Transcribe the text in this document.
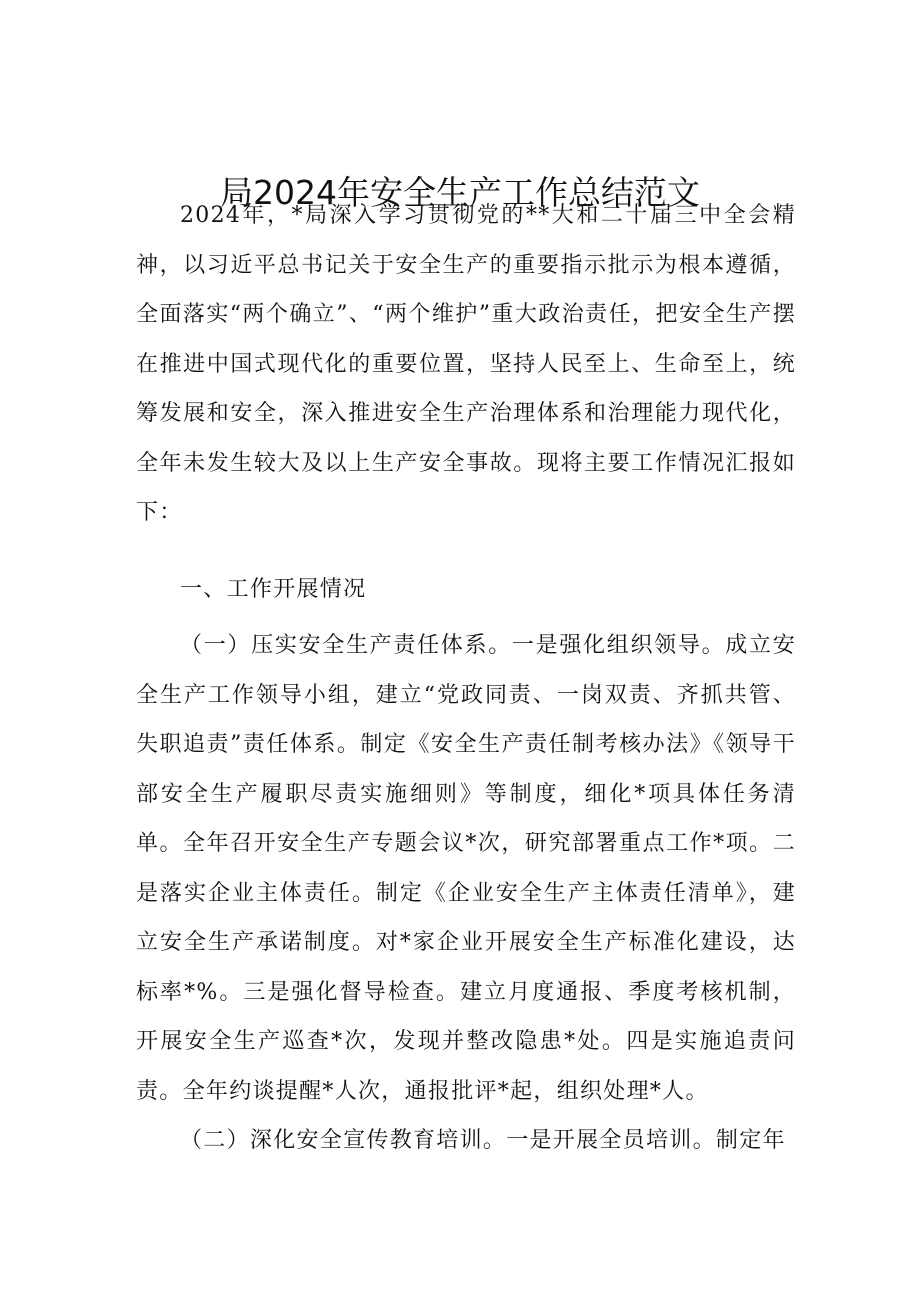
局2024年安全生产工作总结范文

2024年，*局深入学习贯彻党的**大和二十届三中全会精神，以习近平总书记关于安全生产的重要指示批示为根本遵循，全面落实“两个确立”、“两个维护”重大政治责任，把安全生产摆在推进中国式现代化的重要位置，坚持人民至上、生命至上，统筹发展和安全，深入推进安全生产治理体系和治理能力现代化，全年未发生较大及以上生产安全事故。现将主要工作情况汇报如下：

一、工作开展情况

（一）压实安全生产责任体系。一是强化组织领导。成立安全生产工作领导小组，建立“党政同责、一岗双责、齐抓共管、失职追责”责任体系。制定《安全生产责任制考核办法》《领导干部安全生产履职尽责实施细则》等制度，细化*项具体任务清单。全年召开安全生产专题会议*次，研究部署重点工作*项。二是落实企业主体责任。制定《企业安全生产主体责任清单》，建立安全生产承诺制度。对*家企业开展安全生产标准化建设，达标率*%。三是强化督导检查。建立月度通报、季度考核机制，开展安全生产巡查*次，发现并整改隐患*处。四是实施追责问责。全年约谈提醒*人次，通报批评*起，组织处理*人。

（二）深化安全宣传教育培训。一是开展全员培训。制定年
